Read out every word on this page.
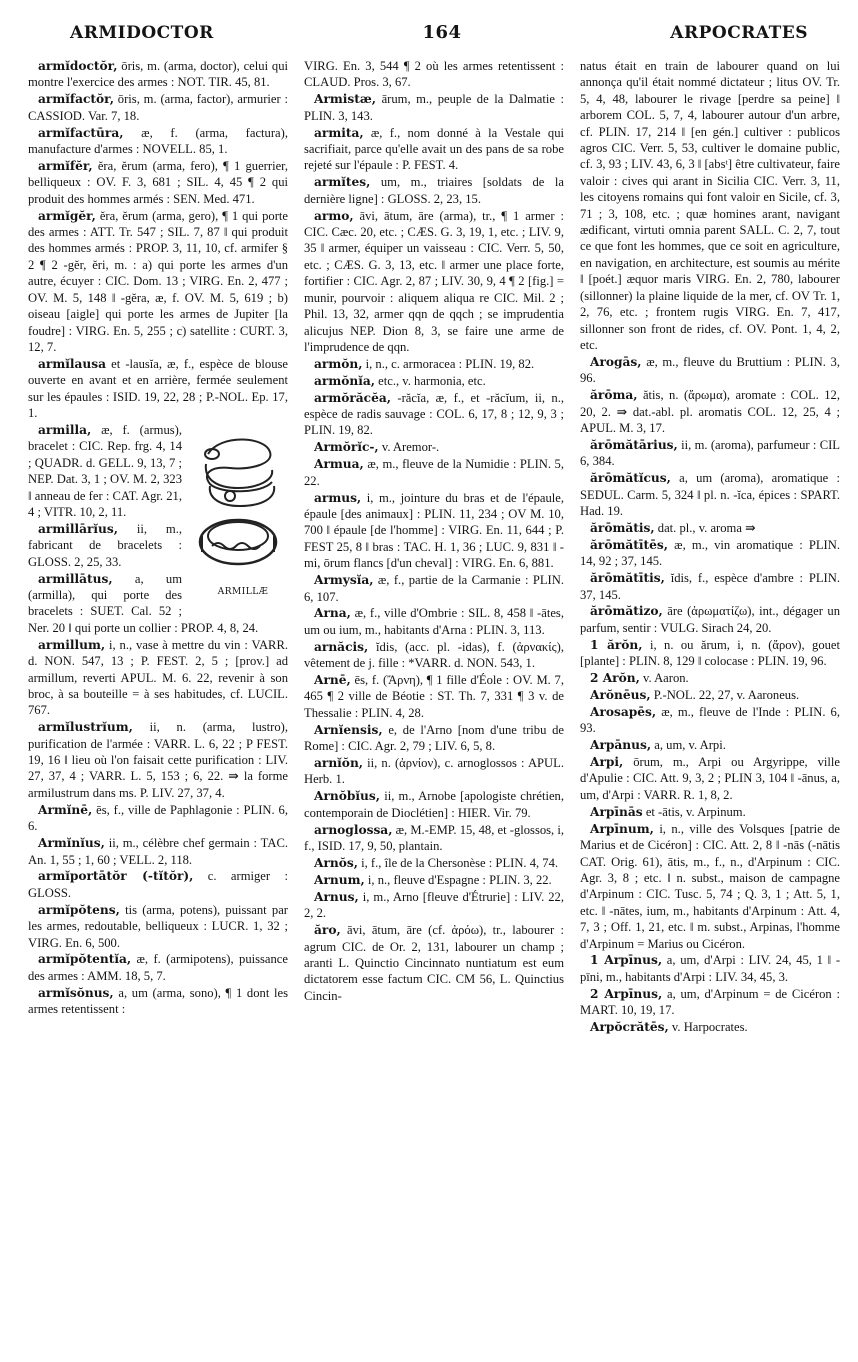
ARMIDOCTOR	164	ARPOCRATES

armĭdoctŏr, ōris, m. (arma, doctor), celui qui montre l'exercice des armes : NOT. TIR. 45, 81.

armĭfactŏr, ōris, m. (arma, factor), armurier : CASSIOD. Var. 7, 18.

armĭfactūra, æ, f. (arma, factura), manufacture d'armes : NOVELL. 85, 1.

armĭfĕr, ĕra, ĕrum (arma, fero), ¶ 1 guerrier, belliqueux : OV. F. 3, 681 ; SIL. 4, 45 ¶ 2 qui produit des hommes armés : SEN. Med. 471.

armĭgĕr, ĕra, ĕrum (arma, gero), ¶ 1 qui porte des armes : ATT. Tr. 547 ; SIL. 7, 87 ‖ qui produit des hommes armés : PROP. 3, 11, 10, cf. armifer § 2 ¶ 2 -gĕr, ĕri, m. : a) qui porte les armes d'un autre, écuyer : CIC. Dom. 13 ; VIRG. En. 2, 477 ; OV. M. 5, 148 ‖ -gĕra, æ, f. OV. M. 5, 619 ; b) oiseau [aigle] qui porte les armes de Jupiter [la foudre] : VIRG. En. 5, 255 ; c) satellite : CURT. 3, 12, 7.

armĭlausa et -lausĭa, æ, f., espèce de blouse ouverte en avant et en arrière, fermée seulement sur les épaules : ISID. 19, 22, 28 ; P.-NOL. Ep. 17, 1.

ARMILLÆ
armilla, æ, f. (armus), bracelet : CIC. Rep. frg. 4, 14 ; QUADR. d. GELL. 9, 13, 7 ; NEP. Dat. 3, 1 ; OV. M. 2, 323 ‖ anneau de fer : CAT. Agr. 21, 4 ; VITR. 10, 2, 11.

armillārĭus, ii, m., fabricant de bracelets : GLOSS. 2, 25, 33.

armillātus, a, um (armilla), qui porte des bracelets : SUET. Cal. 52 ; Ner. 20 ‖ qui porte un collier : PROP. 4, 8, 24.

armillum, i, n., vase à mettre du vin : VARR. d. NON. 547, 13 ; P. FEST. 2, 5 ; [prov.] ad armillum, reverti APUL. M. 6. 22, revenir à son broc, à sa bouteille = à ses habitudes, cf. LUCIL. 767.

armĭlustrĭum, ii, n. (arma, lustro), purification de l'armée : VARR. L. 6, 22 ; P FEST. 19, 16 ‖ lieu où l'on faisait cette purification : LIV. 27, 37, 4 ; VARR. L. 5, 153 ; 6, 22. ⇛ la forme armilustrum dans ms. P. LIV. 27, 37, 4.

Armĭnē, ēs, f., ville de Paphlagonie : PLIN. 6, 6.

Armĭnĭus, ii, m., célèbre chef germain : TAC. An. 1, 55 ; 1, 60 ; VELL. 2, 118.

armĭportātŏr (-tĭtŏr), c. armiger : GLOSS.

armĭpŏtens, tis (arma, potens), puissant par les armes, redoutable, belliqueux : LUCR. 1, 32 ; VIRG. En. 6, 500.

armĭpŏtentĭa, æ, f. (armipotens), puissance des armes : AMM. 18, 5, 7.

armĭsŏnus, a, um (arma, sono), ¶ 1 dont les armes retentissent :

VIRG. En. 3, 544 ¶ 2 où les armes retentissent : CLAUD. Pros. 3, 67.

Armistæ, ārum, m., peuple de la Dalmatie : PLIN. 3, 143.

armita, æ, f., nom donné à la Vestale qui sacrifiait, parce qu'elle avait un des pans de sa robe rejeté sur l'épaule : P. FEST. 4.

armĭtes, um, m., triaires [soldats de la dernière ligne] : GLOSS. 2, 23, 15.

armo, āvi, ātum, āre (arma), tr., ¶ 1 armer : CIC. Cæc. 20, etc. ; CÆS. G. 3, 19, 1, etc. ; LIV. 9, 35 ‖ armer, équiper un vaisseau : CIC. Verr. 5, 50, etc. ; CÆS. G. 3, 13, etc. ‖ armer une place forte, fortifier : CIC. Agr. 2, 87 ; LIV. 30, 9, 4 ¶ 2 [fig.] = munir, pourvoir : aliquem aliqua re CIC. Mil. 2 ; Phil. 13, 32, armer qqn de qqch ; se imprudentia alicujus NEP. Dion 8, 3, se faire une arme de l'imprudence de qqn.

armŏn, i, n., c. armoracea : PLIN. 19, 82.

armŏnĭa, etc., v. harmonia, etc.

armŏrăcĕa, -răcĭa, æ, f., et -răcĭum, ii, n., espèce de radis sauvage : COL. 6, 17, 8 ; 12, 9, 3 ; PLIN. 19, 82.

Armŏrĭc-, v. Aremor-.

Armua, æ, m., fleuve de la Numidie : PLIN. 5, 22.

armus, i, m., jointure du bras et de l'épaule, épaule [des animaux] : PLIN. 11, 234 ; OV M. 10, 700 ‖ épaule [de l'homme] : VIRG. En. 11, 644 ; P. FEST 25, 8 ‖ bras : TAC. H. 1, 36 ; LUC. 9, 831 ‖ -mi, ōrum flancs [d'un cheval] : VIRG. En. 6, 881.

Armysĭa, æ, f., partie de la Carmanie : PLIN. 6, 107.

Arna, æ, f., ville d'Ombrie : SIL. 8, 458 ‖ -ātes, um ou ium, m., habitants d'Arna : PLIN. 3, 113.

arnăcis, ĭdis, (acc. pl. -idas), f. (ἀρνακίς), vêtement de j. fille : *VARR. d. NON. 543, 1.

Arnē, ēs, f. (Ἄρνη), ¶ 1 fille d'Éole : OV. M. 7, 465 ¶ 2 ville de Béotie : ST. Th. 7, 331 ¶ 3 v. de Thessalie : PLIN. 4, 28.

Arnĭensis, e, de l'Arno [nom d'une tribu de Rome] : CIC. Agr. 2, 79 ; LIV. 6, 5, 8.

arnĭŏn, ii, n. (ἀρνίον), c. arnoglossos : APUL. Herb. 1.

Arnŏbĭus, ii, m., Arnobe [apologiste chrétien, contemporain de Dioclétien] : HIER. Vir. 79.

arnoglossa, æ, M.-EMP. 15, 48, et -glossos, i, f., ISID. 17, 9, 50, plantain.

Arnŏs, i, f., île de la Chersonèse : PLIN. 4, 74.

Arnum, i, n., fleuve d'Espagne : PLIN. 3, 22.

Arnus, i, m., Arno [fleuve d'Étrurie] : LIV. 22, 2, 2.

ăro, āvi, ātum, āre (cf. ἀρόω), tr., labourer : agrum CIC. de Or. 2, 131, labourer un champ ; aranti L. Quinctio Cincinnato nuntiatum est eum dictatorem esse factum CIC. CM 56, L. Quinctius Cincin-

natus était en train de labourer quand on lui annonça qu'il était nommé dictateur ; litus OV. Tr. 5, 4, 48, labourer le rivage [perdre sa peine] ‖ arborem COL. 5, 7, 4, labourer autour d'un arbre, cf. PLIN. 17, 214 ‖ [en gén.] cultiver : publicos agros CIC. Verr. 5, 53, cultiver le domaine public, cf. 3, 93 ; LIV. 43, 6, 3 ‖ [absᵗ] être cultivateur, faire valoir : cives qui arant in Sicilia CIC. Verr. 3, 11, les citoyens romains qui font valoir en Sicile, cf. 3, 71 ; 3, 108, etc. ; quæ homines arant, navigant ædificant, virtuti omnia parent SALL. C. 2, 7, tout ce que font les hommes, que ce soit en agriculture, en navigation, en architecture, est soumis au mérite ‖ [poét.] æquor maris VIRG. En. 2, 780, labourer (sillonner) la plaine liquide de la mer, cf. OV Tr. 1, 2, 76, etc. ; frontem rugis VIRG. En. 7, 417, sillonner son front de rides, cf. OV. Pont. 1, 4, 2, etc.

Arogās, æ, m., fleuve du Bruttium : PLIN. 3, 96.

ărōma, ătis, n. (ἄρωμα), aromate : COL. 12, 20, 2. ⇛ dat.-abl. pl. aromatis COL. 12, 25, 4 ; APUL. M. 3, 17.

ărōmătārius, ii, m. (aroma), parfumeur : CIL 6, 384.

ărōmătĭcus, a, um (aroma), aromatique : SEDUL. Carm. 5, 324 ‖ pl. n. -ĭca, épices : SPART. Had. 19.

ărōmătis, dat. pl., v. aroma ⇛

ărōmătītēs, æ, m., vin aromatique : PLIN. 14, 92 ; 37, 145.

ărōmătītis, ĭdis, f., espèce d'ambre : PLIN. 37, 145.

ărōmătizo, āre (ἀρωματίζω), int., dégager un parfum, sentir : VULG. Sirach 24, 20.

1 ărŏn, i, n. ou ărum, i, n. (ἄρον), gouet [plante] : PLIN. 8, 129 ‖ colocase : PLIN. 19, 96.

2 Arŏn, v. Aaron.

Arŏnēus, P.-NOL. 22, 27, v. Aaroneus.

Arosapēs, æ, m., fleuve de l'Inde : PLIN. 6, 93.

Arpānus, a, um, v. Arpi.

Arpi, ōrum, m., Arpi ou Argyrippe, ville d'Apulie : CIC. Att. 9, 3, 2 ; PLIN 3, 104 ‖ -ānus, a, um, d'Arpi : VARR. R. 1, 8, 2.

Arpīnās et -ātis, v. Arpinum.

Arpīnum, i, n., ville des Volsques [patrie de Marius et de Cicéron] : CIC. Att. 2, 8 ‖ -nās (-nātis CAT. Orig. 61), ātis, m., f., n., d'Arpinum : CIC. Agr. 3, 8 ; etc. ‖ n. subst., maison de campagne d'Arpinum : CIC. Tusc. 5, 74 ; Q. 3, 1 ; Att. 5, 1, etc. ‖ -nātes, ium, m., habitants d'Arpinum : Att. 4, 7, 3 ; Off. 1, 21, etc. ‖ m. subst., Arpinas, l'homme d'Arpinum = Marius ou Cicéron.

1 Arpīnus, a, um, d'Arpi : LIV. 24, 45, 1 ‖ -pīni, m., habitants d'Arpi : LIV. 34, 45, 3.

2 Arpīnus, a, um, d'Arpinum = de Cicéron : MART. 10, 19, 17.

Arpŏcrătēs, v. Harpocrates.
